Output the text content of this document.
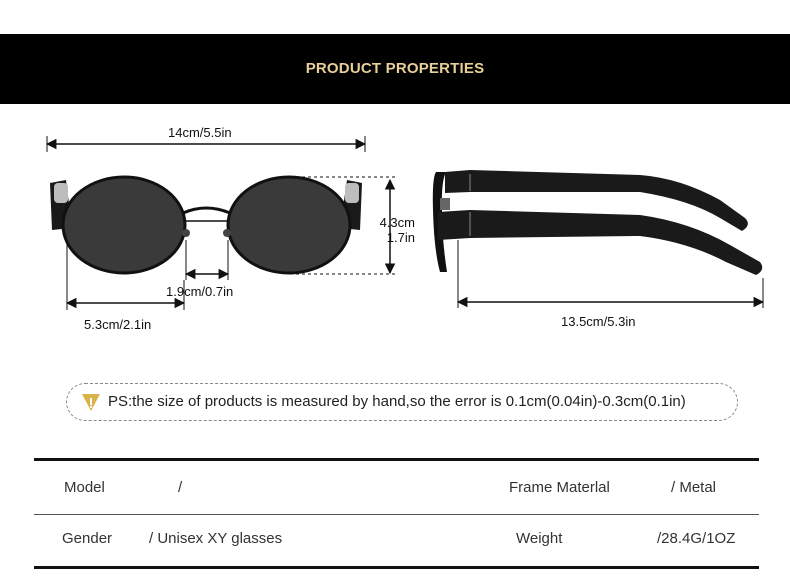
PRODUCT PROPERTIES
14cm/5.5in
4.3cm
1.7in
1.9cm/0.7in
5.3cm/2.1in	13.5cm/5.3in
PS:the size of products is measured by hand,so the error is 0.1cm(0.04in)-0.3cm(0.1in)
Model	/	Frame Materlal	/ Metal
Gender / Unisex XY glasses	Weight	/28.4G/1OZ
